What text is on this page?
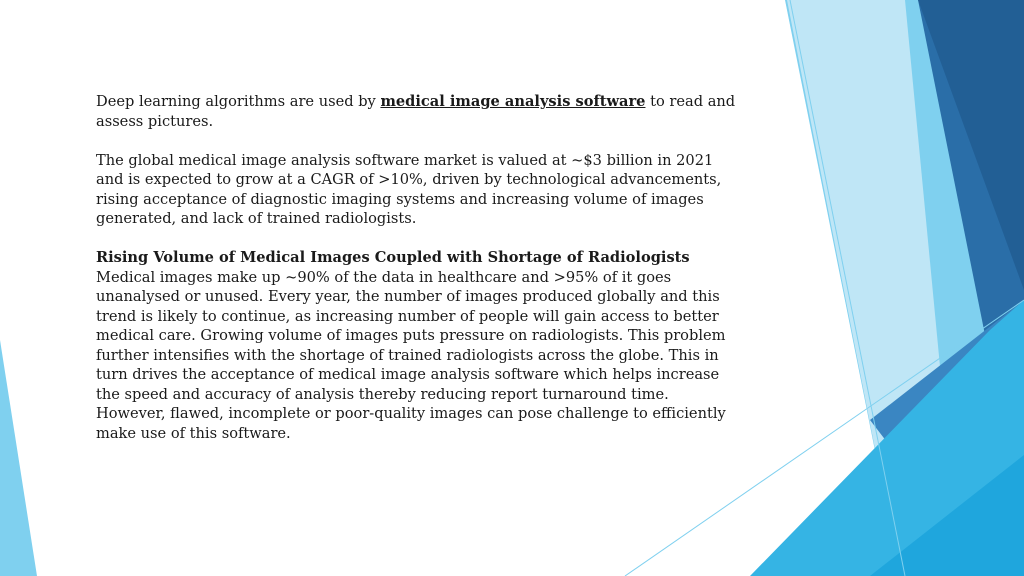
Deep learning algorithms are used by medical image analysis software to read and assess pictures.

The global medical image analysis software market is valued at ~$3 billion in 2021 and is expected to grow at a CAGR of >10%, driven by technological advancements, rising acceptance of diagnostic imaging systems and increasing volume of images generated, and lack of trained radiologists.

Rising Volume of Medical Images Coupled with Shortage of Radiologists

Medical images make up ~90% of the data in healthcare and >95% of it goes unanalysed or unused. Every year, the number of images produced globally and this trend is likely to continue, as increasing number of people will gain access to better medical care. Growing volume of images puts pressure on radiologists. This problem further intensifies with the shortage of trained radiologists across the globe. This in turn drives the acceptance of medical image analysis software which helps increase the speed and accuracy of analysis thereby reducing report turnaround time. However, flawed, incomplete or poor-quality images can pose challenge to efficiently make use of this software.
